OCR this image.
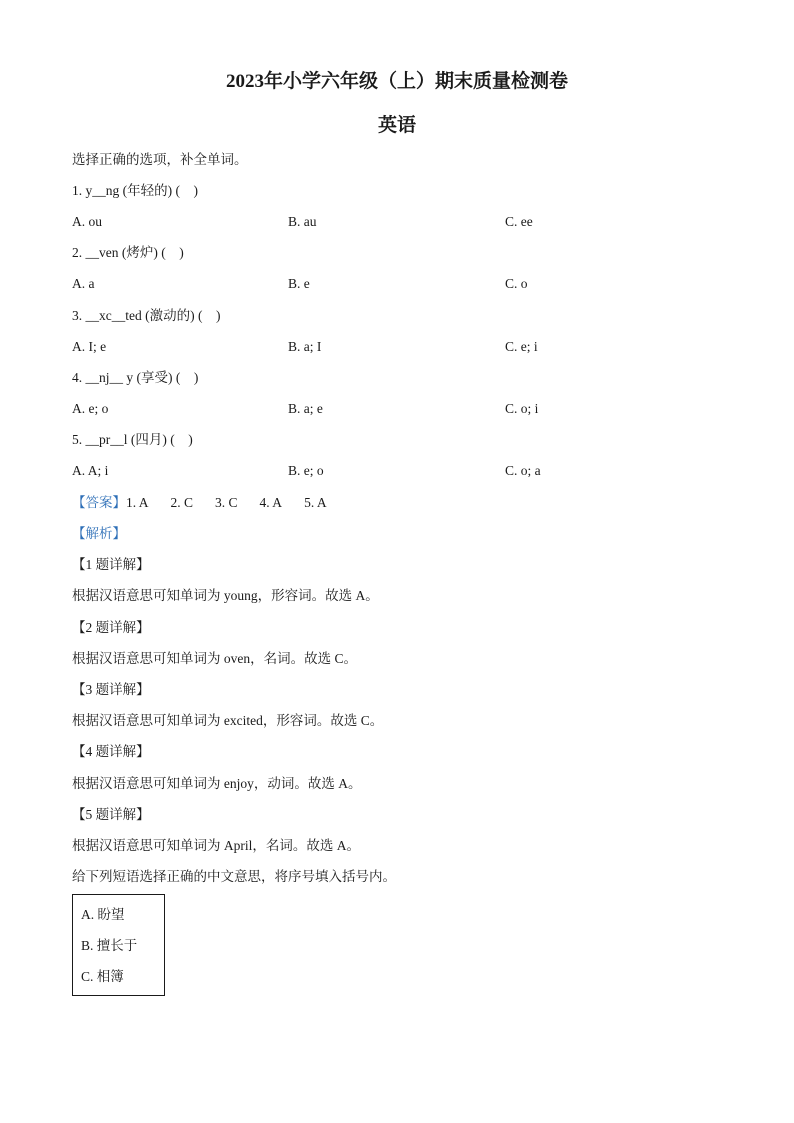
2023年小学六年级（上）期末质量检测卷
英语
选择正确的选项，补全单词。
1. y__ng (年轻的) (　)
A. ou	B. au	C. ee
2. __ven (烤炉) (　)
A. a	B. e	C. o
3. __xc__ted (激动的) (　)
A. I; e	B. a; I	C. e; i
4. __nj__ y (享受) (　)
A. e; o	B. a; e	C. o; i
5. __pr__l (四月) (　)
A. A; i	B. e; o	C. o; a
【答案】1. A 2. C 3. C 4. A 5. A
【解析】
【1 题详解】
根据汉语意思可知单词为 young，形容词。故选 A。
【2 题详解】
根据汉语意思可知单词为 oven，名词。故选 C。
【3 题详解】
根据汉语意思可知单词为 excited，形容词。故选 C。
【4 题详解】
根据汉语意思可知单词为 enjoy，动词。故选 A。
【5 题详解】
根据汉语意思可知单词为 April，名词。故选 A。
给下列短语选择正确的中文意思，将序号填入括号内。
A. 盼望
B. 擅长于
C. 相簿
